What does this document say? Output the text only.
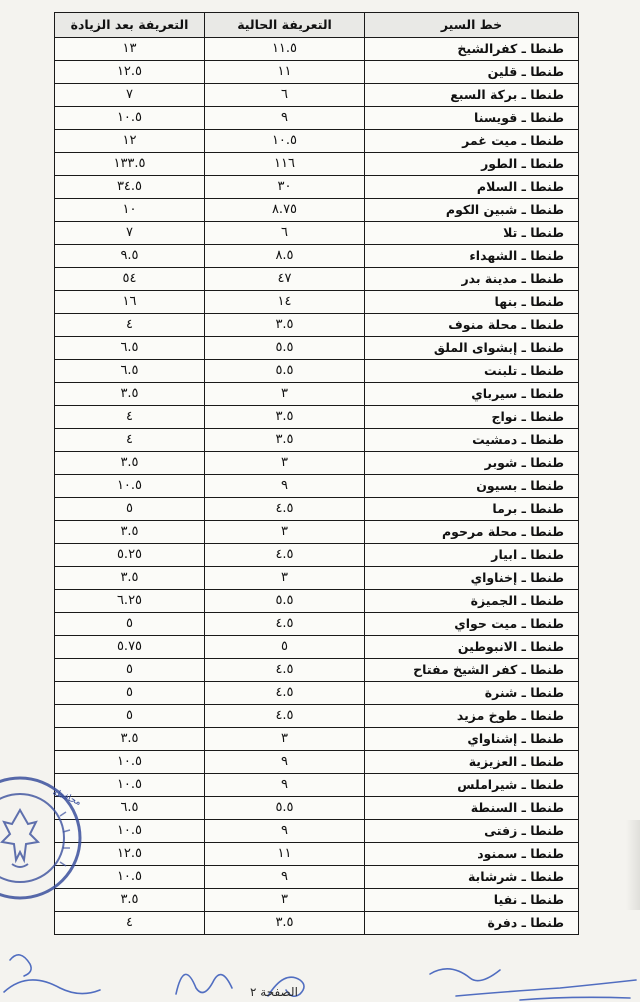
التعريفة بعد الزيادة	التعريفة الحالية	خط السير
١٣	١١.٥	طنطا ـ كفرالشيخ
١٢.٥	١١	طنطا ـ قلين
٧	٦	طنطا ـ بركة السبع
١٠.٥	٩	طنطا ـ قويسنا
١٢	١٠.٥	طنطا ـ ميت غمر
١٣٣.٥	١١٦	طنطا ـ الطور
٣٤.٥	٣٠	طنطا ـ السلام
١٠	٨.٧٥	طنطا ـ شبين الكوم
٧	٦	طنطا ـ تلا
٩.٥	٨.٥	طنطا ـ الشهداء
٥٤	٤٧	طنطا ـ مدينة بدر
١٦	١٤	طنطا ـ بنها
٤	٣.٥	طنطا ـ محلة منوف
٦.٥	٥.٥	طنطا ـ إبشواى الملق
٦.٥	٥.٥	طنطا ـ تلبنت
٣.٥	٣	طنطا ـ سيرباي
٤	٣.٥	طنطا ـ نواج
٤	٣.٥	طنطا ـ دمشيت
٣.٥	٣	طنطا ـ شوبر
١٠.٥	٩	طنطا ـ بسيون
٥	٤.٥	طنطا ـ برما
٣.٥	٣	طنطا ـ محلة مرحوم
٥.٢٥	٤.٥	طنطا ـ ابيار
٣.٥	٣	طنطا ـ إخناواي
٦.٢٥	٥.٥	طنطا ـ الجميزة
٥	٤.٥	طنطا ـ ميت حواي
٥.٧٥	٥	طنطا ـ الانبوطين
٥	٤.٥	طنطا ـ كفر الشيخ مفتاح
٥	٤.٥	طنطا ـ شنرة
٥	٤.٥	طنطا ـ طوخ مزيد
٣.٥	٣	طنطا ـ إشناواي
١٠.٥	٩	طنطا ـ العزيزية
١٠.٥	٩	طنطا ـ شيراملس
٦.٥	٥.٥	طنطا ـ السنطة
١٠.٥	٩	طنطا ـ زفتى
١٢.٥	١١	طنطا ـ سمنود
١٠.٥	٩	طنطا ـ شرشابة
٣.٥	٣	طنطا ـ نفيا
٤	٣.٥	طنطا ـ دفرة
محافظة
الصفحة ٢
